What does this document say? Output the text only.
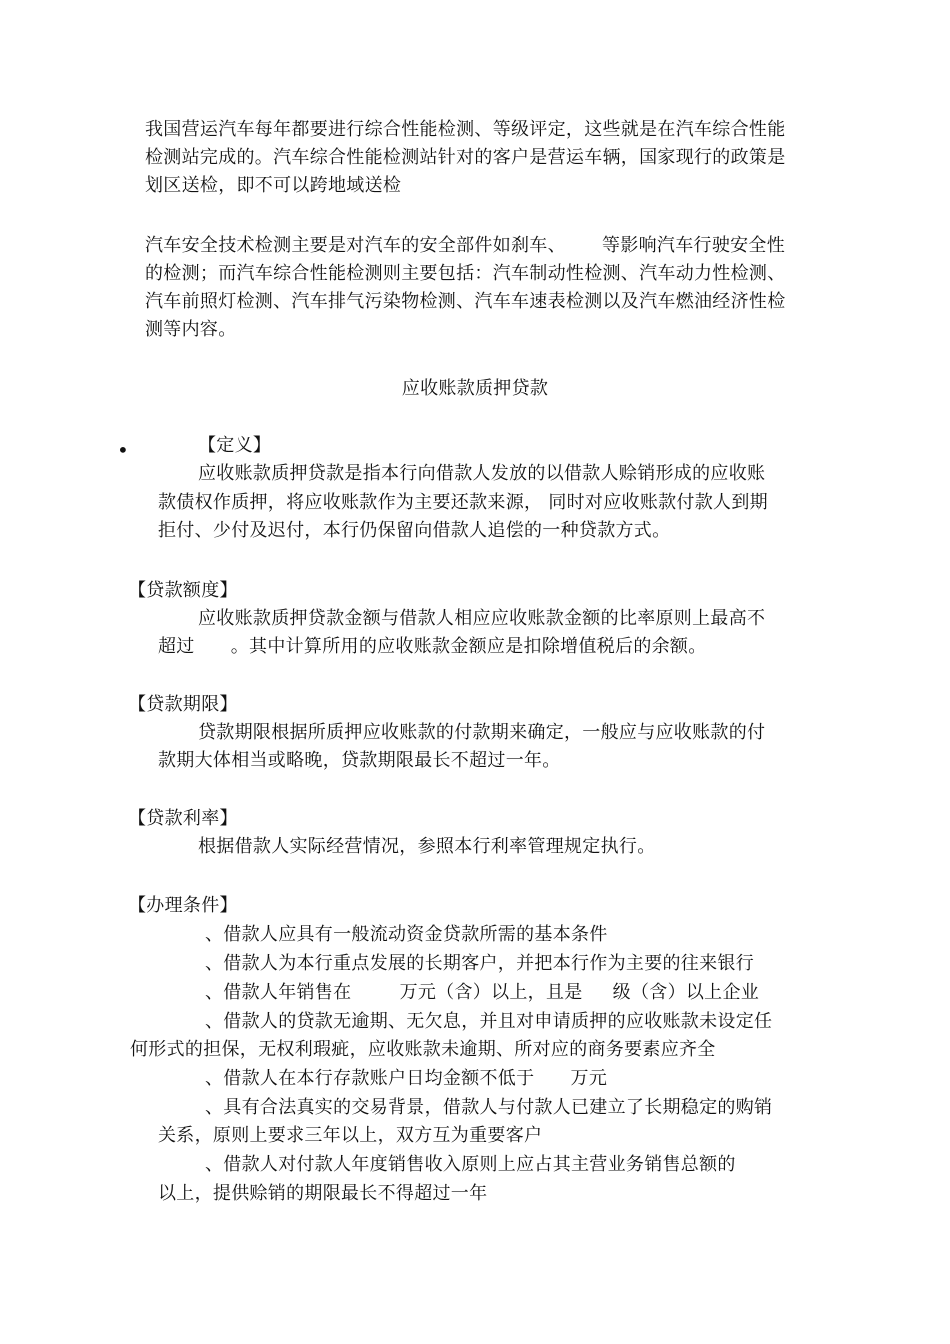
我国营运汽车每年都要进行综合性能检测、等级评定，这些就是在汽车综合性能
检测站完成的。汽车综合性能检测站针对的客户是营运车辆，国家现行的政策是
划区送检，即不可以跨地域送检
汽车安全技术检测主要是对汽车的安全部件如刹车、      等影响汽车行驶安全性
的检测；而汽车综合性能检测则主要包括：汽车制动性检测、汽车动力性检测、
汽车前照灯检测、汽车排气污染物检测、汽车车速表检测以及汽车燃油经济性检
测等内容。
应收账款质押贷款
•	【定义】
应收账款质押贷款是指本行向借款人发放的以借款人赊销形成的应收账
款债权作质押，将应收账款作为主要还款来源， 同时对应收账款付款人到期
拒付、少付及迟付，本行仍保留向借款人追偿的一种贷款方式。
【贷款额度】
应收账款质押贷款金额与借款人相应应收账款金额的比率原则上最高不
超过      。其中计算所用的应收账款金额应是扣除增值税后的余额。
【贷款期限】
贷款期限根据所质押应收账款的付款期来确定，一般应与应收账款的付
款期大体相当或略晚，贷款期限最长不超过一年。
【贷款利率】
根据借款人实际经营情况，参照本行利率管理规定执行。
【办理条件】
、借款人应具有一般流动资金贷款所需的基本条件
、借款人为本行重点发展的长期客户，并把本行作为主要的往来银行
、借款人年销售在        万元（含）以上，且是     级（含）以上企业
、借款人的贷款无逾期、无欠息，并且对申请质押的应收账款未设定任
何形式的担保，无权利瑕疵，应收账款未逾期、所对应的商务要素应齐全
、借款人在本行存款账户日均金额不低于      万元
、具有合法真实的交易背景，借款人与付款人已建立了长期稳定的购销
关系，原则上要求三年以上，双方互为重要客户
、借款人对付款人年度销售收入原则上应占其主营业务销售总额的
以上，提供赊销的期限最长不得超过一年
